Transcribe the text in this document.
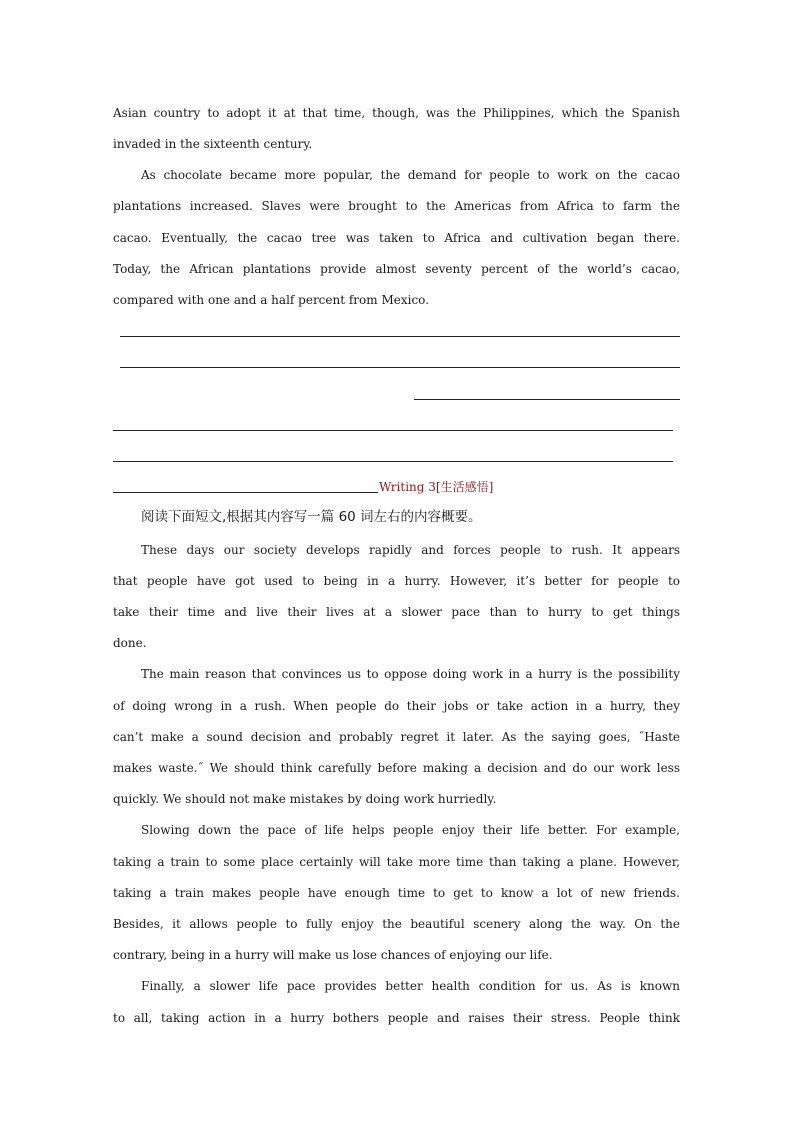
Asian country to adopt it at that time, though, was the Philippines, which the Spanish
invaded in the sixteenth century.
As chocolate became more popular, the demand for people to work on the cacao
plantations increased. Slaves were brought to the Americas from Africa to farm the
cacao. Eventually, the cacao tree was taken to Africa and cultivation began there.
Today, the African plantations provide almost seventy percent of the world’s cacao,
compared with one and a half percent from Mexico.
Writing 3[生活感悟]
阅读下面短文,根据其内容写一篇 60 词左右的内容概要。
These days our society develops rapidly and forces people to rush. It appears
that people have got used to being in a hurry. However, it’s better for people to
take their time and live their lives at a slower pace than to hurry to get things
done.
The main reason that convinces us to oppose doing work in a hurry is the possibility
of doing wrong in a rush. When people do their jobs or take action in a hurry, they
can’t make a sound decision and probably regret it later. As the saying goes, ˝Haste
makes waste.˝ We should think carefully before making a decision and do our work less
quickly. We should not make mistakes by doing work hurriedly.
Slowing down the pace of life helps people enjoy their life better. For example,
taking a train to some place certainly will take more time than taking a plane. However,
taking a train makes people have enough time to get to know a lot of new friends.
Besides, it allows people to fully enjoy the beautiful scenery along the way. On the
contrary, being in a hurry will make us lose chances of enjoying our life.
Finally, a slower life pace provides better health condition for us. As is known
to all, taking action in a hurry bothers people and raises their stress. People think
